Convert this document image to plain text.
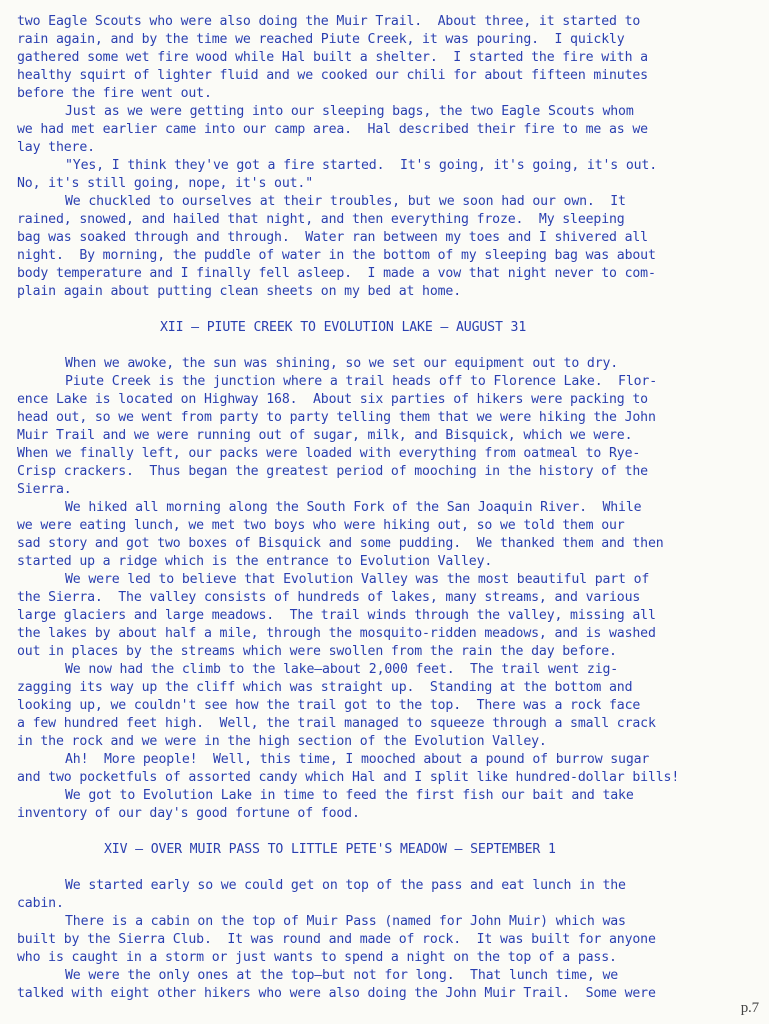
two Eagle Scouts who were also doing the Muir Trail.  About three, it started to
rain again, and by the time we reached Piute Creek, it was pouring.  I quickly
gathered some wet fire wood while Hal built a shelter.  I started the fire with a
healthy squirt of lighter fluid and we cooked our chili for about fifteen minutes
before the fire went out.
Just as we were getting into our sleeping bags, the two Eagle Scouts whom
we had met earlier came into our camp area.  Hal described their fire to me as we
lay there.
"Yes, I think they've got a fire started.  It's going, it's going, it's out.
No, it's still going, nope, it's out."
We chuckled to ourselves at their troubles, but we soon had our own.  It
rained, snowed, and hailed that night, and then everything froze.  My sleeping
bag was soaked through and through.  Water ran between my toes and I shivered all
night.  By morning, the puddle of water in the bottom of my sleeping bag was about
body temperature and I finally fell asleep.  I made a vow that night never to com-
plain again about putting clean sheets on my bed at home.
XII — PIUTE CREEK TO EVOLUTION LAKE — AUGUST 31
When we awoke, the sun was shining, so we set our equipment out to dry.
Piute Creek is the junction where a trail heads off to Florence Lake.  Flor-
ence Lake is located on Highway 168.  About six parties of hikers were packing to
head out, so we went from party to party telling them that we were hiking the John
Muir Trail and we were running out of sugar, milk, and Bisquick, which we were.
When we finally left, our packs were loaded with everything from oatmeal to Rye-
Crisp crackers.  Thus began the greatest period of mooching in the history of the
Sierra.
We hiked all morning along the South Fork of the San Joaquin River.  While
we were eating lunch, we met two boys who were hiking out, so we told them our
sad story and got two boxes of Bisquick and some pudding.  We thanked them and then
started up a ridge which is the entrance to Evolution Valley.
We were led to believe that Evolution Valley was the most beautiful part of
the Sierra.  The valley consists of hundreds of lakes, many streams, and various
large glaciers and large meadows.  The trail winds through the valley, missing all
the lakes by about half a mile, through the mosquito-ridden meadows, and is washed
out in places by the streams which were swollen from the rain the day before.
We now had the climb to the lake—about 2,000 feet.  The trail went zig-
zagging its way up the cliff which was straight up.  Standing at the bottom and
looking up, we couldn't see how the trail got to the top.  There was a rock face
a few hundred feet high.  Well, the trail managed to squeeze through a small crack
in the rock and we were in the high section of the Evolution Valley.
Ah!  More people!  Well, this time, I mooched about a pound of burrow sugar
and two pocketfuls of assorted candy which Hal and I split like hundred-dollar bills!
We got to Evolution Lake in time to feed the first fish our bait and take
inventory of our day's good fortune of food.
XIV — OVER MUIR PASS TO LITTLE PETE'S MEADOW — SEPTEMBER 1
We started early so we could get on top of the pass and eat lunch in the
cabin.
There is a cabin on the top of Muir Pass (named for John Muir) which was
built by the Sierra Club.  It was round and made of rock.  It was built for anyone
who is caught in a storm or just wants to spend a night on the top of a pass.
We were the only ones at the top—but not for long.  That lunch time, we
talked with eight other hikers who were also doing the John Muir Trail.  Some were
p.7
